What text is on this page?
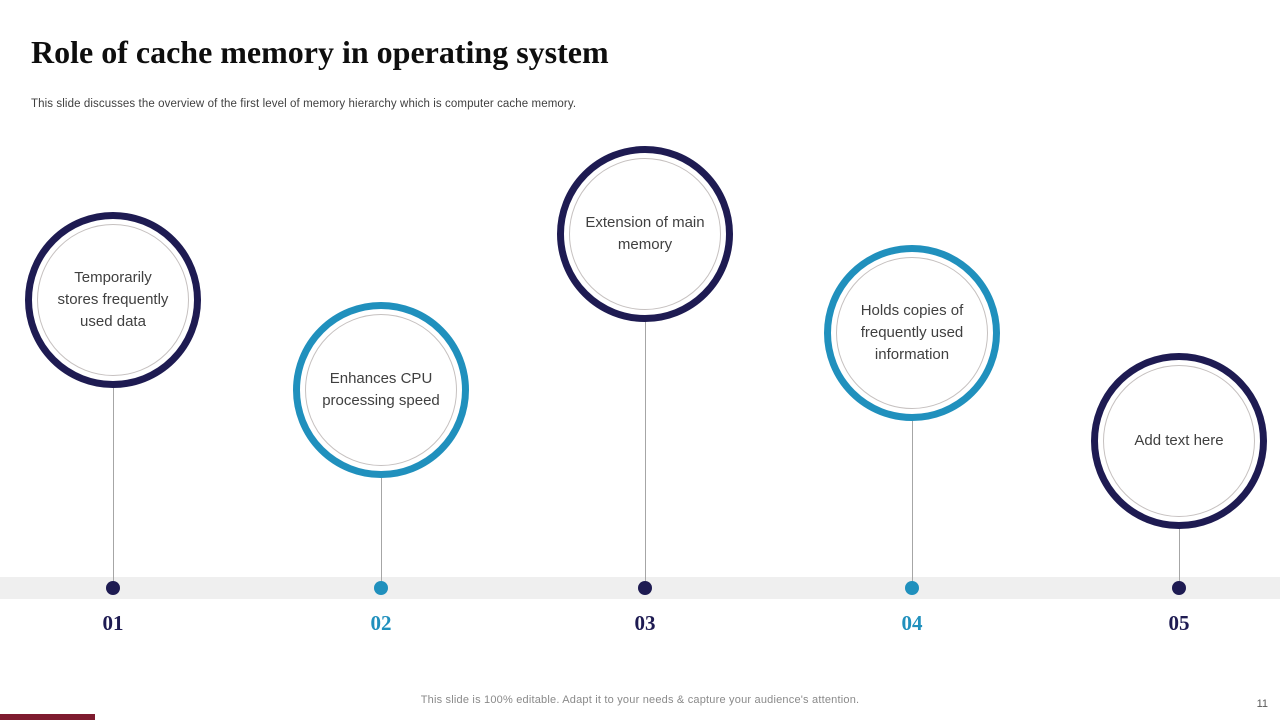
Role of cache memory in operating system

This slide discusses the overview of the first level of memory hierarchy which is computer cache memory.

Temporarily stores frequently used data
01
Enhances CPU processing speed
02
Extension of main memory
03
Holds copies of frequently used information
04
Add text here
05
This slide is 100% editable. Adapt it to your needs & capture your audience's attention.	11
